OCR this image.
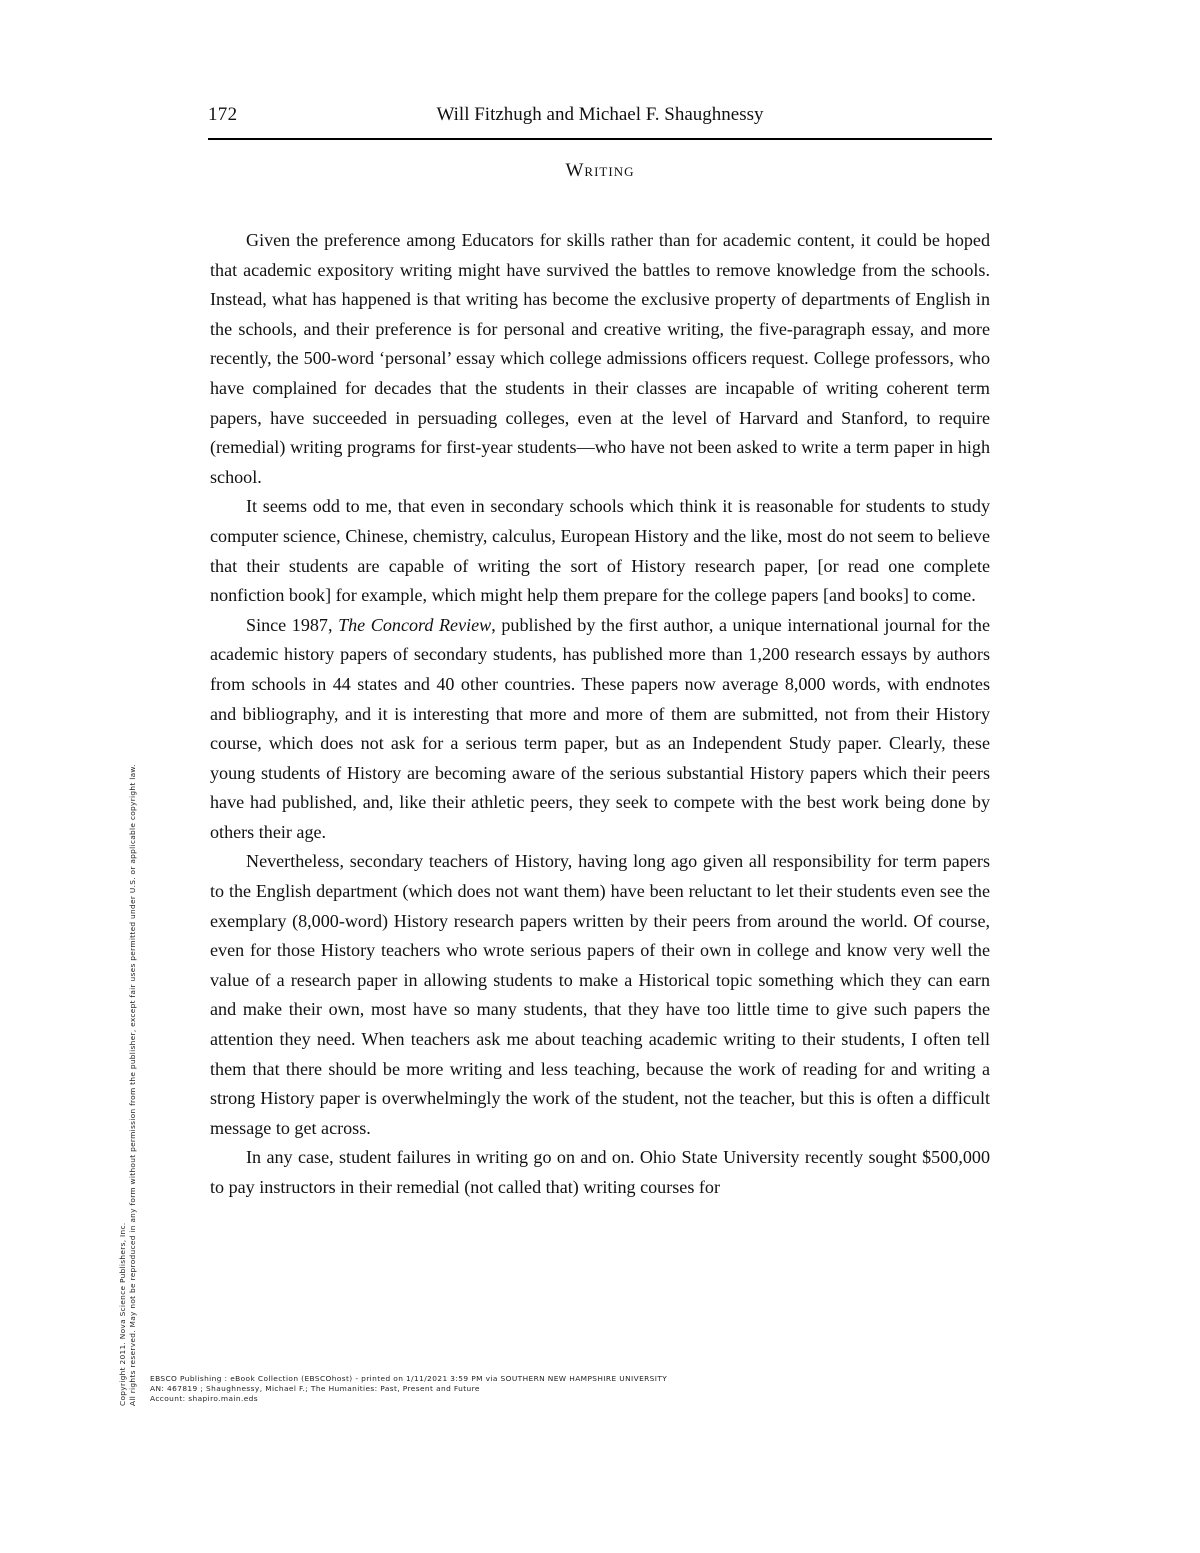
172	Will Fitzhugh and Michael F. Shaughnessy
Writing

Given the preference among Educators for skills rather than for academic content, it could be hoped that academic expository writing might have survived the battles to remove knowledge from the schools. Instead, what has happened is that writing has become the exclusive property of departments of English in the schools, and their preference is for personal and creative writing, the five-paragraph essay, and more recently, the 500-word ‘personal’ essay which college admissions officers request. College professors, who have complained for decades that the students in their classes are incapable of writing coherent term papers, have succeeded in persuading colleges, even at the level of Harvard and Stanford, to require (remedial) writing programs for first-year students—who have not been asked to write a term paper in high school.

It seems odd to me, that even in secondary schools which think it is reasonable for students to study computer science, Chinese, chemistry, calculus, European History and the like, most do not seem to believe that their students are capable of writing the sort of History research paper, [or read one complete nonfiction book] for example, which might help them prepare for the college papers [and books] to come.

Since 1987, The Concord Review, published by the first author, a unique international journal for the academic history papers of secondary students, has published more than 1,200 research essays by authors from schools in 44 states and 40 other countries. These papers now average 8,000 words, with endnotes and bibliography, and it is interesting that more and more of them are submitted, not from their History course, which does not ask for a serious term paper, but as an Independent Study paper. Clearly, these young students of History are becoming aware of the serious substantial History papers which their peers have had published, and, like their athletic peers, they seek to compete with the best work being done by others their age.

Nevertheless, secondary teachers of History, having long ago given all responsibility for term papers to the English department (which does not want them) have been reluctant to let their students even see the exemplary (8,000-word) History research papers written by their peers from around the world. Of course, even for those History teachers who wrote serious papers of their own in college and know very well the value of a research paper in allowing students to make a Historical topic something which they can earn and make their own, most have so many students, that they have too little time to give such papers the attention they need. When teachers ask me about teaching academic writing to their students, I often tell them that there should be more writing and less teaching, because the work of reading for and writing a strong History paper is overwhelmingly the work of the student, not the teacher, but this is often a difficult message to get across.

In any case, student failures in writing go on and on. Ohio State University recently sought $500,000 to pay instructors in their remedial (not called that) writing courses for

Copyright 2011. Nova Science Publishers, Inc. All rights reserved. May not be reproduced in any form without permission from the publisher, except fair uses permitted under U.S. or applicable copyright law. EBSCO Publishing : eBook Collection (EBSCOhost) - printed on 1/11/2021 3:59 PM via SOUTHERN NEW HAMPSHIRE UNIVERSITY
AN: 467819 ; Shaughnessy, Michael F.; The Humanities: Past, Present and Future
Account: shapiro.main.eds
